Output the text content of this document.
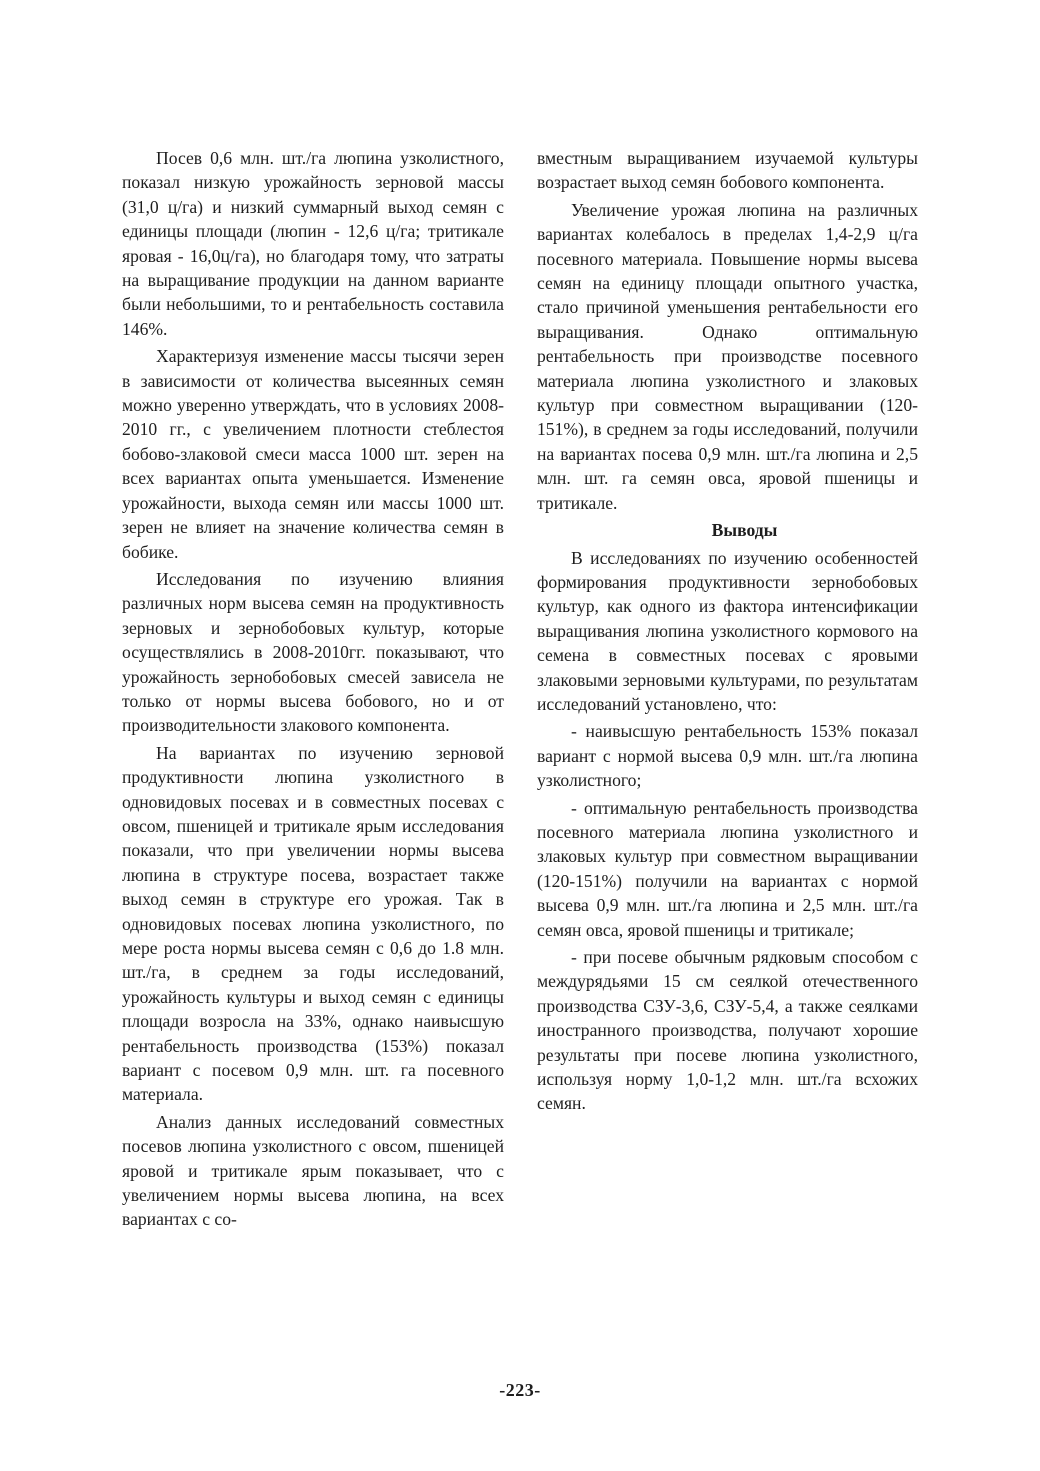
Посев 0,6 млн. шт./га люпина узколистного, показал низкую урожайность зерновой массы (31,0 ц/га) и низкий суммарный выход семян с единицы площади (люпин - 12,6 ц/га; тритикале яровая - 16,0ц/га), но благодаря тому, что затраты на выращивание продукции на данном варианте были небольшими, то и рентабельность составила 146%.

Характеризуя изменение массы тысячи зерен в зависимости от количества высеянных семян можно уверенно утверждать, что в условиях 2008-2010 гг., с увеличением плотности стеблестоя бобово-злаковой смеси масса 1000 шт. зерен на всех вариантах опыта уменьшается. Изменение урожайности, выхода семян или массы 1000 шт. зерен не влияет на значение количества семян в бобике.

Исследования по изучению влияния различных норм высева семян на продуктивность зерновых и зернобобовых культур, которые осуществлялись в 2008-2010гг. показывают, что урожайность зернобобовых смесей зависела не только от нормы высева бобового, но и от производительности злакового компонента.

На вариантах по изучению зерновой продуктивности люпина узколистного в одновидовых посевах и в совместных посевах с овсом, пшеницей и тритикале ярым исследования показали, что при увеличении нормы высева люпина в структуре посева, возрастает также выход семян в структуре его урожая. Так в одновидовых посевах люпина узколистного, по мере роста нормы высева семян с 0,6 до 1.8 млн. шт./га, в среднем за годы исследований, урожайность культуры и выход семян с единицы площади возросла на 33%, однако наивысшую рентабельность производства (153%) показал вариант с посевом 0,9 млн. шт. га посевного материала.

Анализ данных исследований совместных посевов люпина узколистного с овсом, пшеницей яровой и тритикале ярым показывает, что с увеличением нормы высева люпина, на всех вариантах с со-

вместным выращиванием изучаемой культуры возрастает выход семян бобового компонента.

Увеличение урожая люпина на различных вариантах колебалось в пределах 1,4-2,9 ц/га посевного материала. Повышение нормы высева семян на единицу площади опытного участка, стало причиной уменьшения рентабельности его выращивания. Однако оптимальную рентабельность при производстве посевного материала люпина узколистного и злаковых культур при совместном выращивании (120-151%), в среднем за годы исследований, получили на вариантах посева 0,9 млн. шт./га люпина и 2,5 млн. шт. га семян овса, яровой пшеницы и тритикале.

Выводы

В исследованиях по изучению особенностей формирования продуктивности зернобобовых культур, как одного из фактора интенсификации выращивания люпина узколистного кормового на семена в совместных посевах с яровыми злаковыми зерновыми культурами, по результатам исследований установлено, что:

- наивысшую рентабельность 153% показал вариант с нормой высева 0,9 млн. шт./га люпина узколистного;

- оптимальную рентабельность производства посевного материала люпина узколистного и злаковых культур при совместном выращивании (120-151%) получили на вариантах с нормой высева 0,9 млн. шт./га люпина и 2,5 млн. шт./га семян овса, яровой пшеницы и тритикале;

- при посеве обычным рядковым способом с междурядьями 15 см сеялкой отечественного производства СЗУ-3,6, СЗУ-5,4, а также сеялками иностранного производства, получают хорошие результаты при посеве люпина узколистного, используя норму 1,0-1,2 млн. шт./га всхожих семян.

-223-
